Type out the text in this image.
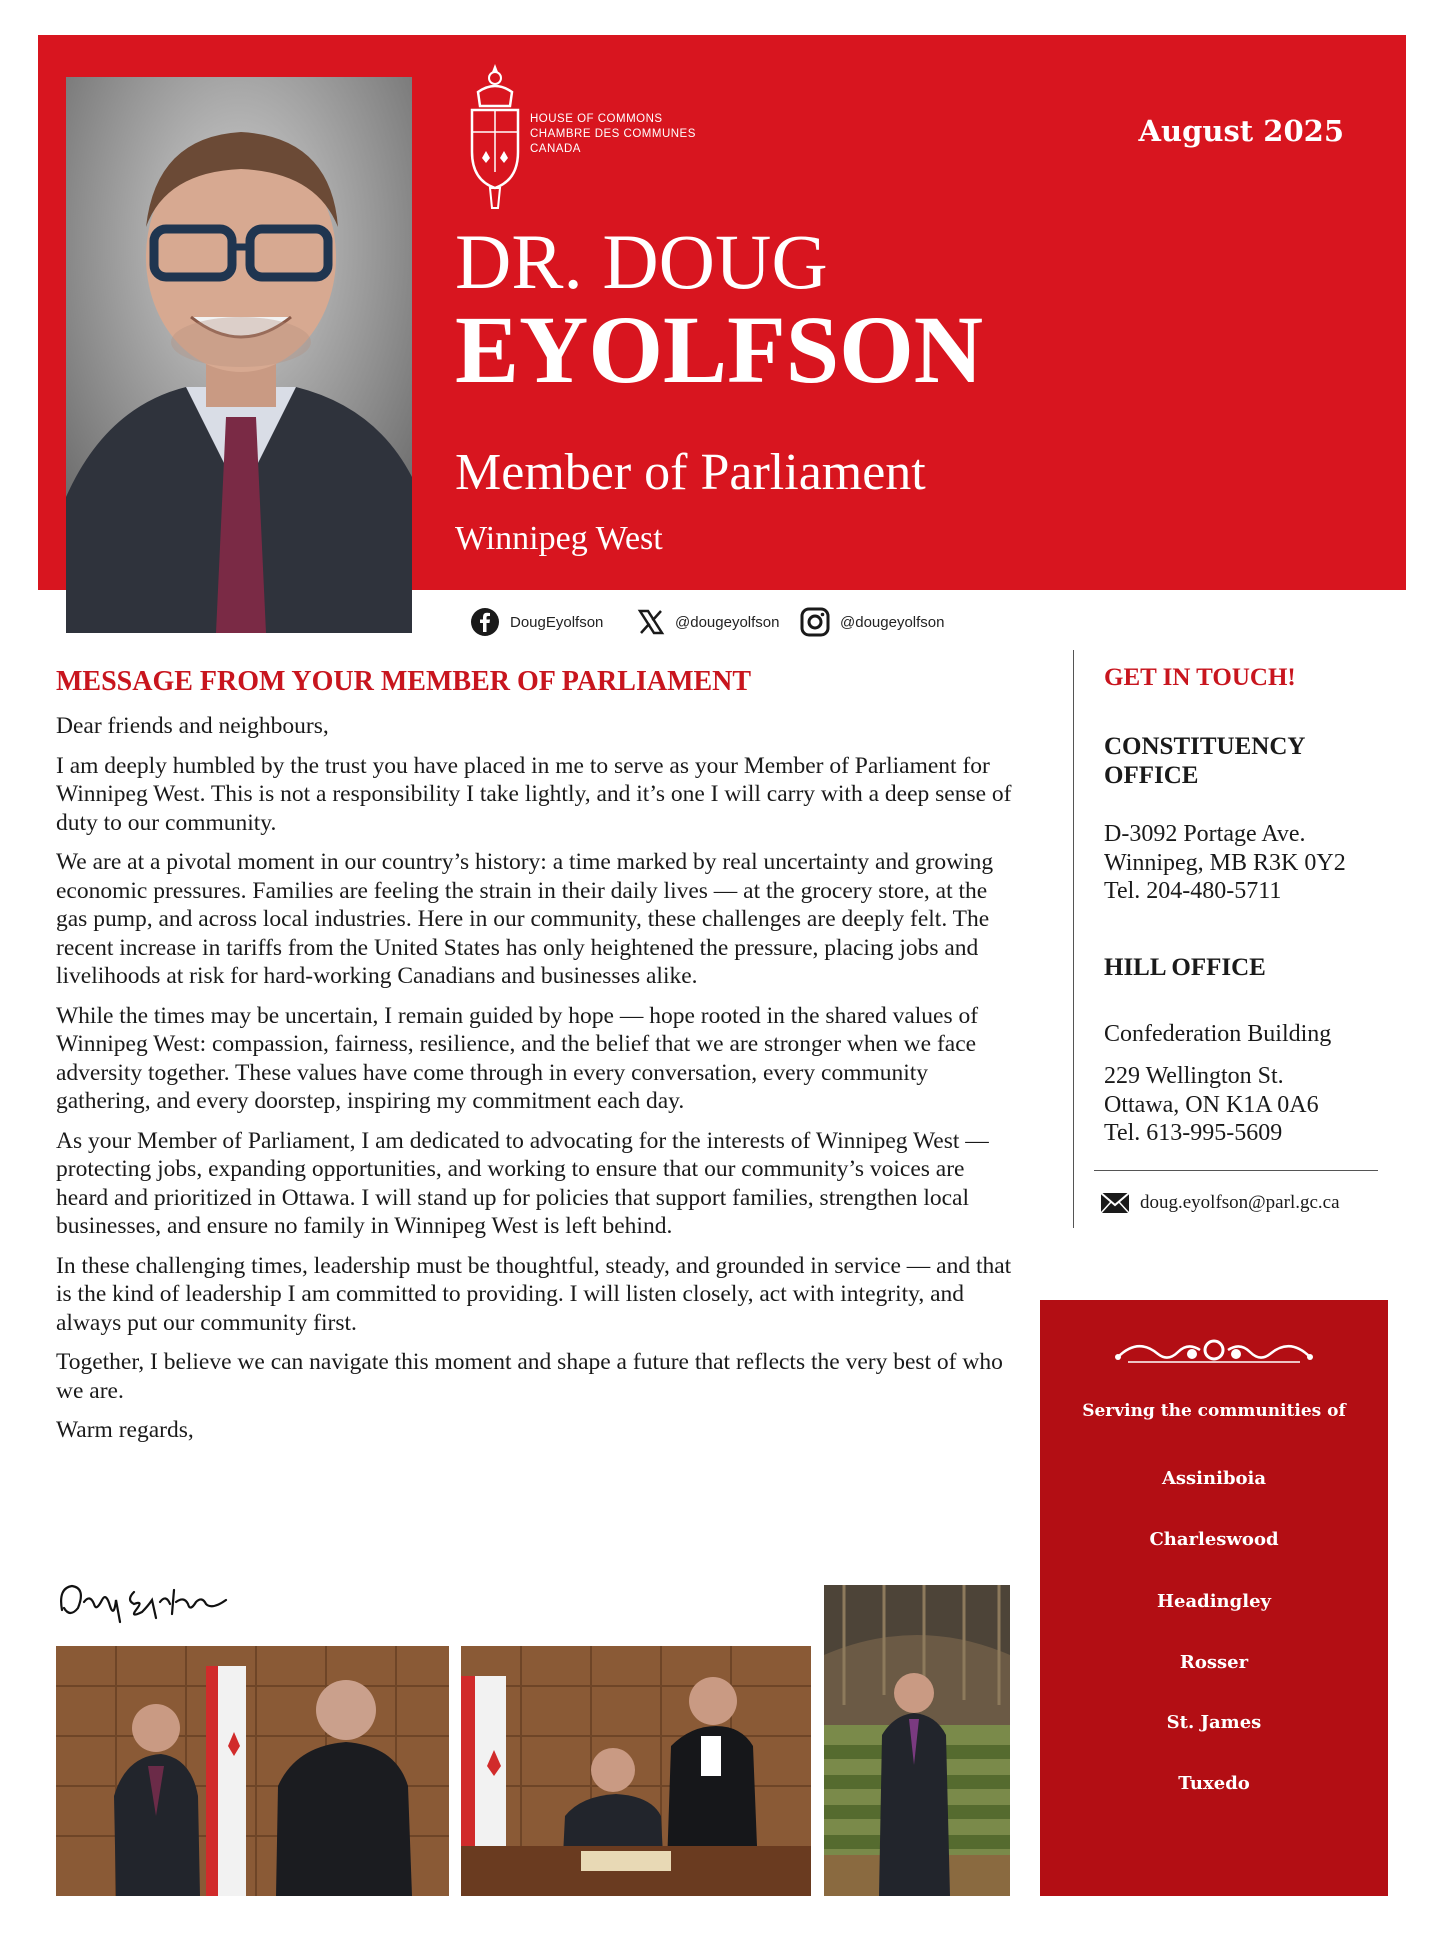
HOUSE OF COMMONS
CHAMBRE DES COMMUNES
CANADA
August 2025
DR. DOUG
EYOLFSON
Member of Parliament
Winnipeg West
DougEyolfson	@dougeyolfson	@dougeyolfson
MESSAGE FROM YOUR MEMBER OF PARLIAMENT

Dear friends and neighbours,

I am deeply humbled by the trust you have placed in me to serve as your Member of Parliament for Winnipeg West. This is not a responsibility I take lightly, and it’s one I will carry with a deep sense of duty to our community.

We are at a pivotal moment in our country’s history: a time marked by real uncertainty and growing economic pressures. Families are feeling the strain in their daily lives — at the grocery store, at the gas pump, and across local industries. Here in our community, these challenges are deeply felt. The recent increase in tariffs from the United States has only heightened the pressure, placing jobs and livelihoods at risk for hard-working Canadians and businesses alike.

While the times may be uncertain, I remain guided by hope — hope rooted in the shared values of Winnipeg West: compassion, fairness, resilience, and the belief that we are stronger when we face adversity together. These values have come through in every conversation, every community gathering, and every doorstep, inspiring my commitment each day.

As your Member of Parliament, I am dedicated to advocating for the interests of Winnipeg West — protecting jobs, expanding opportunities, and working to ensure that our community’s voices are heard and prioritized in Ottawa. I will stand up for policies that support families, strengthen local businesses, and ensure no family in Winnipeg West is left behind.

In these challenging times, leadership must be thoughtful, steady, and grounded in service — and that is the kind of leadership I am committed to providing. I will listen closely, act with integrity, and always put our community first.

Together, I believe we can navigate this moment and shape a future that reflects the very best of who we are.

Warm regards,

GET IN TOUCH!
CONSTITUENCY OFFICE
D-3092 Portage Ave.
Winnipeg, MB R3K 0Y2
Tel. 204-480-5711
HILL OFFICE
Confederation Building
229 Wellington St.
Ottawa, ON K1A 0A6
Tel. 613-995-5609
doug.eyolfson@parl.gc.ca
Serving the communities of
Assiniboia
Charleswood
Headingley
Rosser
St. James
Tuxedo
